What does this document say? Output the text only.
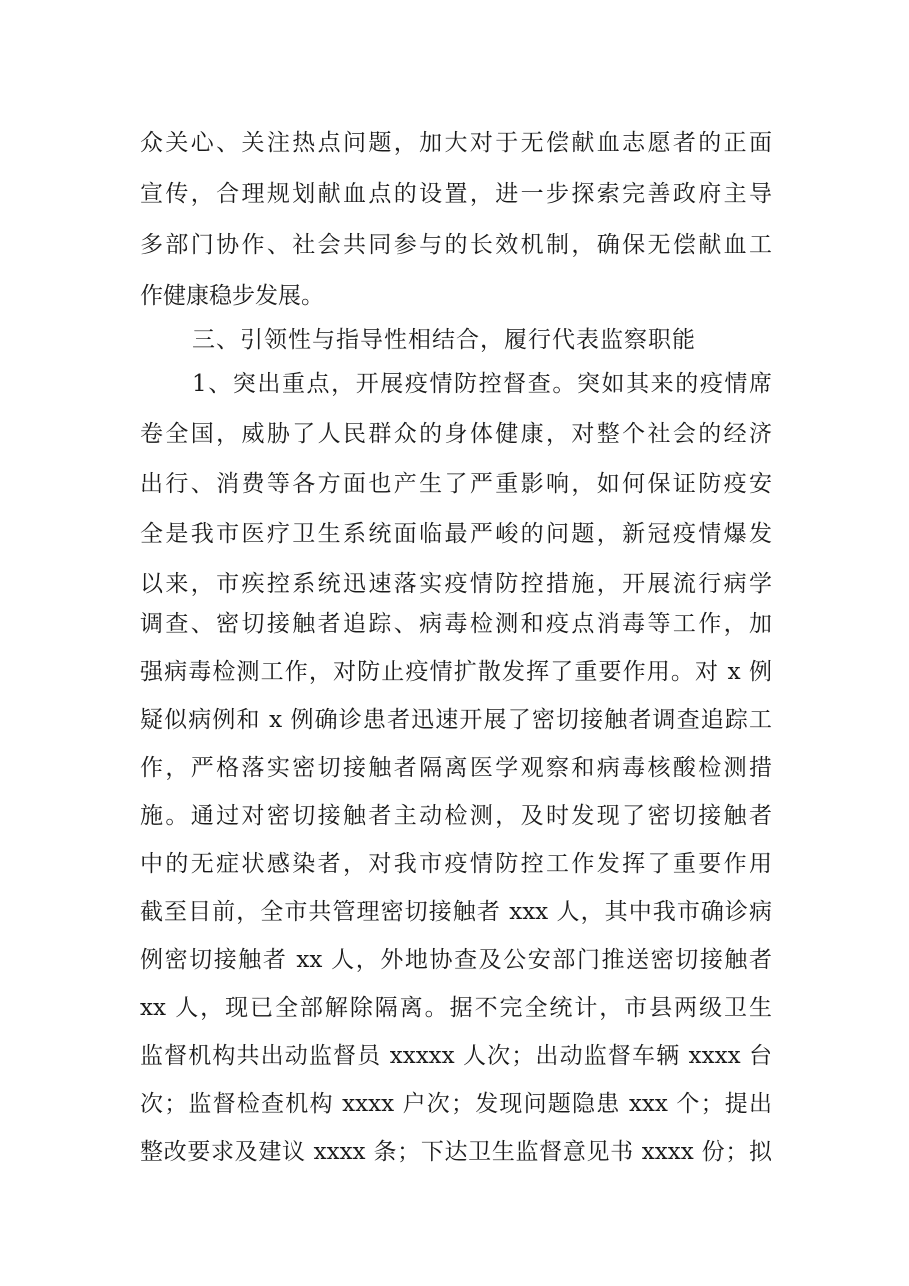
众关心、关注热点问题，加大对于无偿献血志愿者的正面
宣传，合理规划献血点的设置，进一步探索完善政府主导
多部门协作、社会共同参与的长效机制，确保无偿献血工
作健康稳步发展。
三、引领性与指导性相结合，履行代表监察职能
1、突出重点，开展疫情防控督查。突如其来的疫情席
卷全国，威胁了人民群众的身体健康，对整个社会的经济
出行、消费等各方面也产生了严重影响，如何保证防疫安
全是我市医疗卫生系统面临最严峻的问题，新冠疫情爆发
以来，市疾控系统迅速落实疫情防控措施，开展流行病学
调查、密切接触者追踪、病毒检测和疫点消毒等工作，加
强病毒检测工作，对防止疫情扩散发挥了重要作用。对 x 例
疑似病例和 x 例确诊患者迅速开展了密切接触者调查追踪工
作，严格落实密切接触者隔离医学观察和病毒核酸检测措
施。通过对密切接触者主动检测，及时发现了密切接触者
中的无症状感染者，对我市疫情防控工作发挥了重要作用
截至目前，全市共管理密切接触者 xxx 人，其中我市确诊病
例密切接触者 xx 人，外地协查及公安部门推送密切接触者
xx 人，现已全部解除隔离。据不完全统计，市县两级卫生
监督机构共出动监督员 xxxxx 人次；出动监督车辆 xxxx 台
次；监督检查机构 xxxx 户次；发现问题隐患 xxx 个；提出
整改要求及建议 xxxx 条；下达卫生监督意见书 xxxx 份；拟
